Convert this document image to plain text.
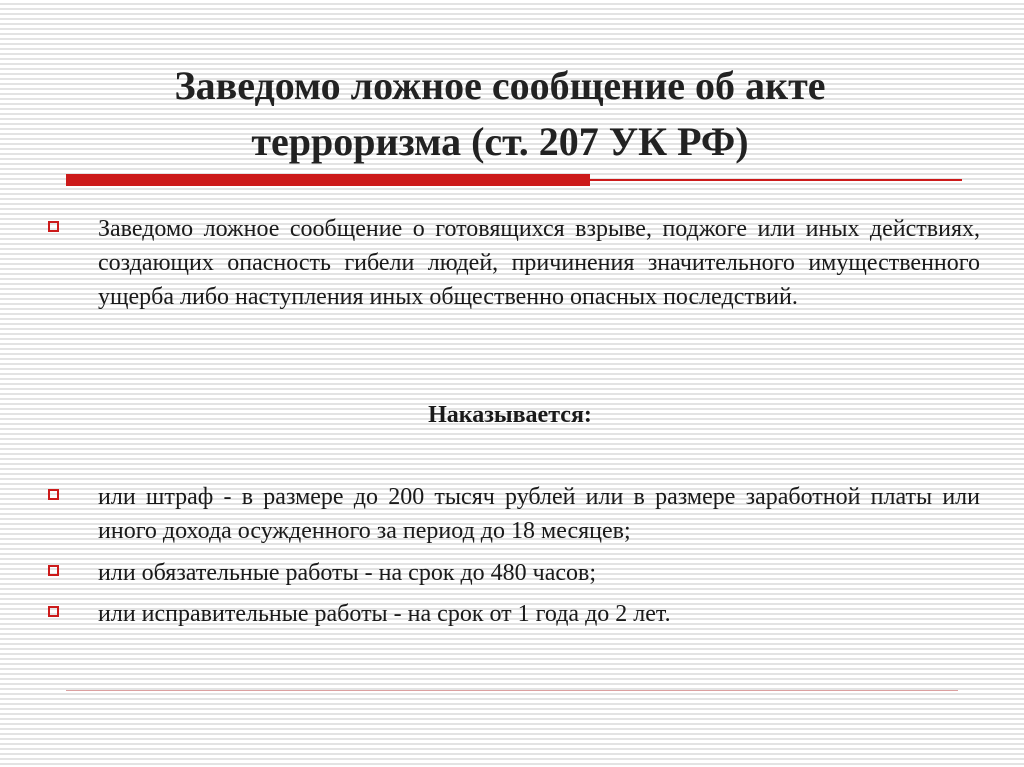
Заведомо ложное сообщение об акте
терроризма (ст. 207 УК РФ)
Заведомо ложное сообщение о готовящихся взрыве, поджоге или иных действиях, создающих опасность гибели людей, причинения значительного имущественного ущерба либо наступления иных общественно опасных последствий.
Наказывается:
или штраф - в размере до 200 тысяч рублей или в размере заработной платы или иного дохода осужденного за период до 18 месяцев;
или обязательные работы - на срок до 480 часов;
или исправительные работы - на срок от 1 года до 2 лет.
